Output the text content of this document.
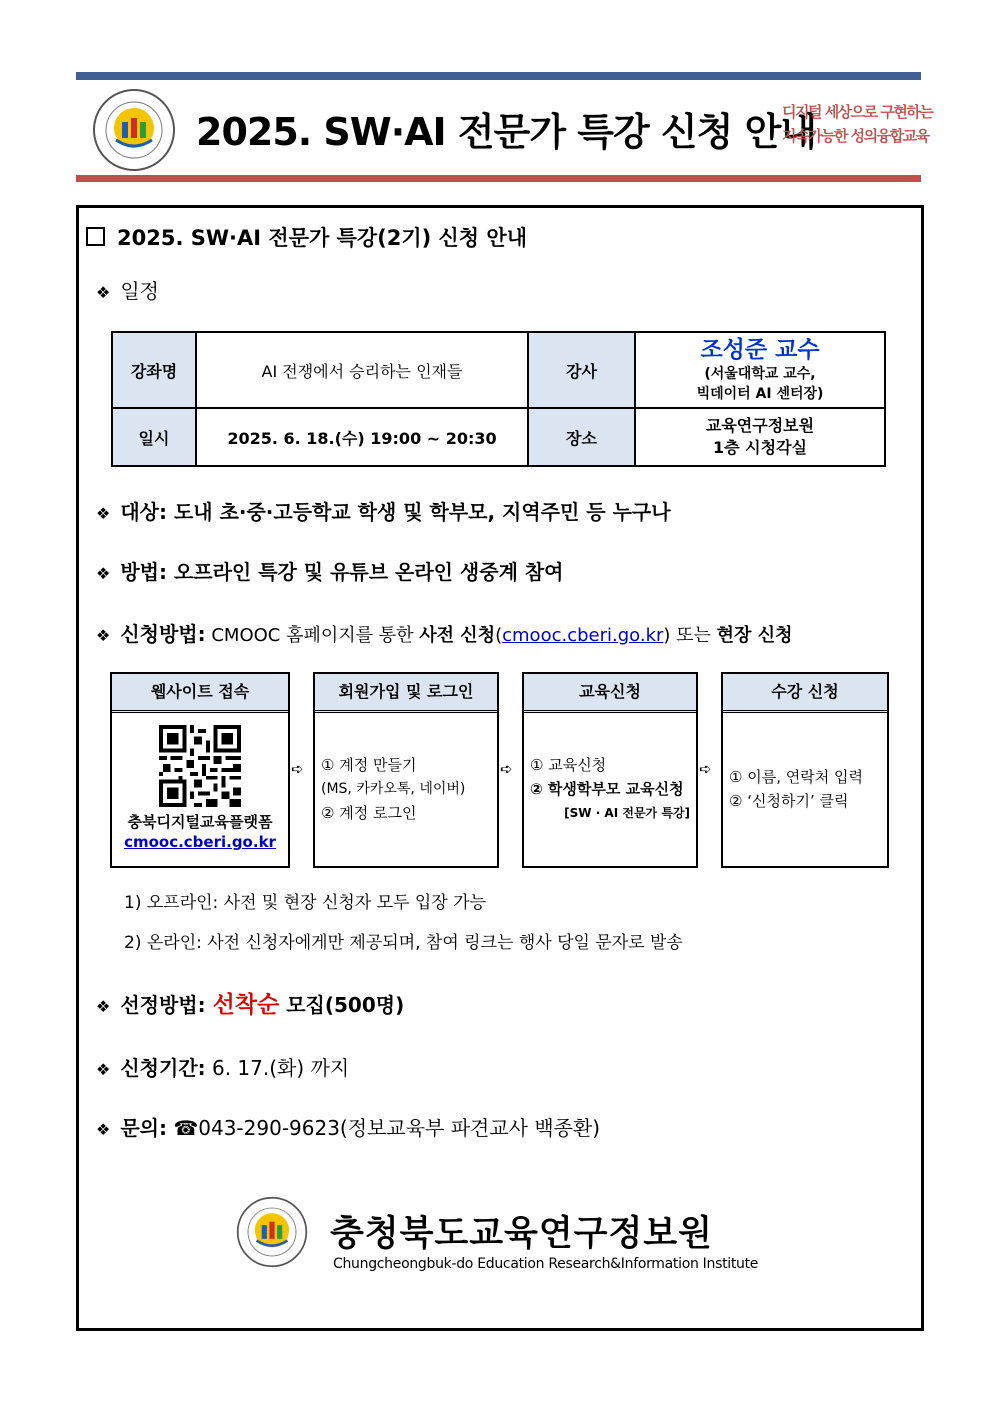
2025. SW·AI 전문가 특강 신청 안내
디지털 세상으로 구현하는
지속가능한 성의융합교육
2025. SW·AI 전문가 특강(2기) 신청 안내
❖ 일정
강좌명	AI 전쟁에서 승리하는 인재들	강사	조성준 교수
(서울대학교 교수,
빅데이터 AI 센터장)

일시	2025. 6. 18.(수) 19:00 ~ 20:30	장소	교육연구정보원
1층 시청각실
❖ 대상: 도내 초·중·고등학교 학생 및 학부모, 지역주민 등 누구나
❖ 방법: 오프라인 특강 및 유튜브 온라인 생중계 참여
❖ 신청방법: CMOOC 홈페이지를 통한 사전 신청(cmooc.cberi.go.kr) 또는 현장 신청
웹사이트 접속
충북디지털교육플랫폼
cmooc.cberi.go.kr
➪
회원가입 및 로그인
① 계정 만들기
(MS, 카카오톡, 네이버)
② 계정 로그인
➪
교육신청
① 교육신청
② 학생학부모 교육신청
[SW · AI 전문가 특강]
➪
수강 신청
① 이름, 연락처 입력
② ‘신청하기’ 클릭
1) 오프라인: 사전 및 현장 신청자 모두 입장 가능
2) 온라인: 사전 신청자에게만 제공되며, 참여 링크는 행사 당일 문자로 발송
❖ 선정방법: 선착순 모집(500명)
❖ 신청기간: 6. 17.(화) 까지
❖ 문의: ☎043-290-9623(정보교육부 파견교사 백종환)
충청북도교육연구정보원
Chungcheongbuk-do Education Research&Information Institute
